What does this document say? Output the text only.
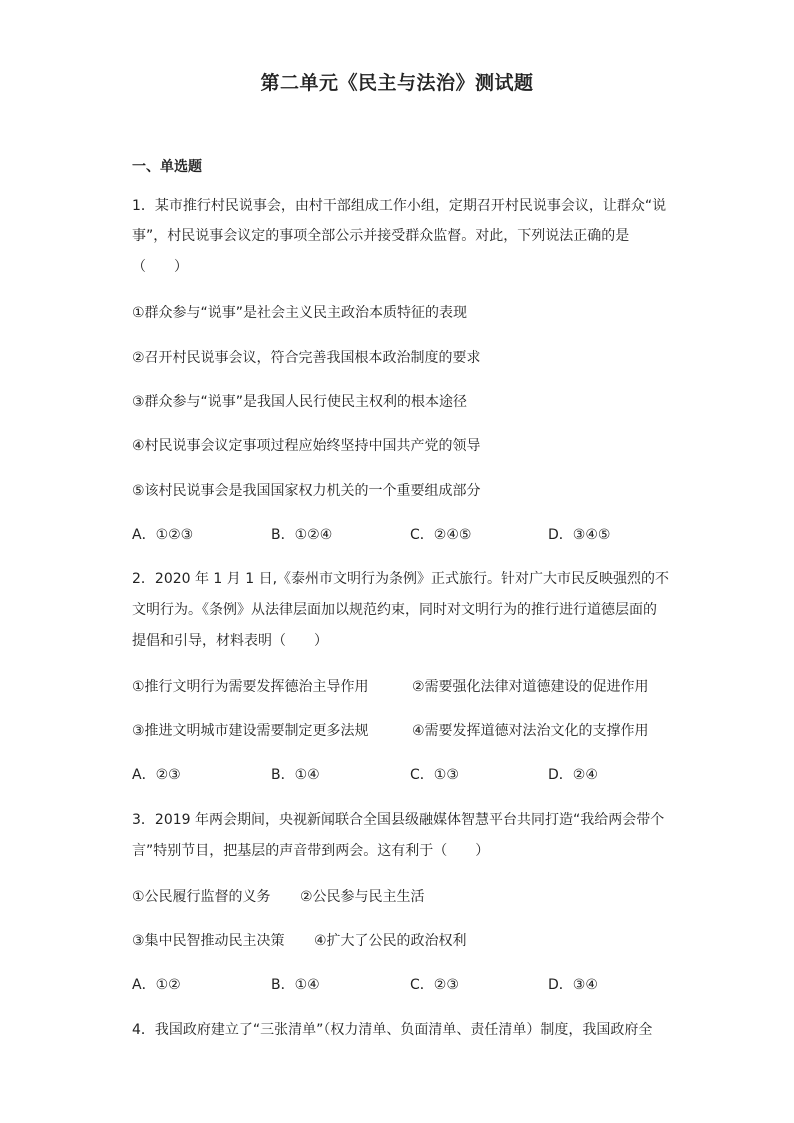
第二单元《民主与法治》测试题
一、单选题
1．某市推行村民说事会，由村干部组成工作小组，定期召开村民说事会议，让群众“说
事”，村民说事会议定的事项全部公示并接受群众监督。对此，下列说法正确的是
（　　）
①群众参与“说事”是社会主义民主政治本质特征的表现
②召开村民说事会议，符合完善我国根本政治制度的要求
③群众参与“说事”是我国人民行使民主权利的根本途径
④村民说事会议定事项过程应始终坚持中国共产党的领导
⑤该村民说事会是我国国家权力机关的一个重要组成部分
A．①②③	B．①②④	C．②④⑤	D．③④⑤
2．2020 年 1 月 1 日,《泰州市文明行为条例》正式旅行。针对广大市民反映强烈的不
文明行为。《条例》从法律层面加以规范约束，同时对文明行为的推行进行道德层面的
提倡和引导，材料表明（　　）
①推行文明行为需要发挥德治主导作用	②需要强化法律对道德建设的促进作用
③推进文明城市建设需要制定更多法规	④需要发挥道德对法治文化的支撑作用
A．②③	B．①④	C．①③	D．②④
3．2019 年两会期间，央视新闻联合全国县级融媒体智慧平台共同打造“我给两会带个
言”特别节目，把基层的声音带到两会。这有利于（　　）
①公民履行监督的义务 ②公民参与民主生活
③集中民智推动民主决策 ④扩大了公民的政治权利
A．①②	B．①④	C．②③	D．③④
4．我国政府建立了“三张清单”（权力清单、负面清单、责任清单）制度，我国政府全
